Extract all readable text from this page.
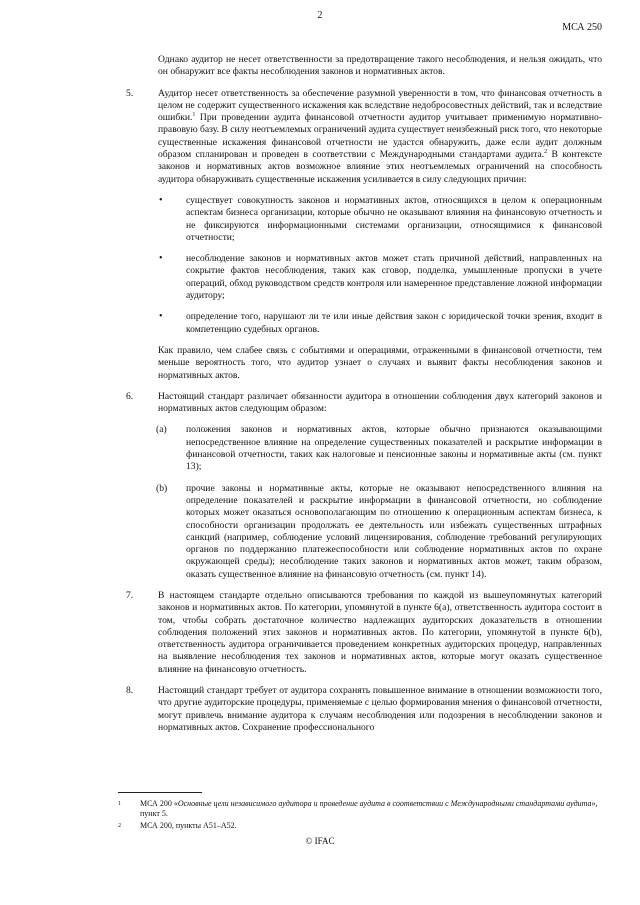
2
МСА 250

Однако аудитор не несет ответственности за предотвращение такого несоблюдения, и нельзя ожидать, что он обнаружит все факты несоблюдения законов и нормативных актов.

5.	Аудитор несет ответственность за обеспечение разумной уверенности в том, что финансовая отчетность в целом не содержит существенного искажения как вследствие недобросовестных действий, так и вследствие ошибки.$^1$ При проведении аудита финансовой отчетности аудитор учитывает применимую нормативно-правовую базу. В силу неотъемлемых ограничений аудита существует неизбежный риск того, что некоторые существенные искажения финансовой отчетности не удастся обнаружить, даже если аудит должным образом спланирован и проведен в соответствии с Международными стандартами аудита.$^2$ В контексте законов и нормативных актов возможное влияние этих неотъемлемых ограничений на способность аудитора обнаруживать существенные искажения усиливается в силу следующих причин:
• существует совокупность законов и нормативных актов, относящихся в целом к операционным аспектам бизнеса организации, которые обычно не оказывают влияния на финансовую отчетность и не фиксируются информационными системами организации, относящимися к финансовой отчетности;
• несоблюдение законов и нормативных актов может стать причиной действий, направленных на сокрытие фактов несоблюдения, таких как сговор, подделка, умышленные пропуски в учете операций, обход руководством средств контроля или намеренное представление ложной информации аудитору;
• определение того, нарушают ли те или иные действия закон с юридической точки зрения, входит в компетенцию судебных органов.

Как правило, чем слабее связь с событиями и операциями, отраженными в финансовой отчетности, тем меньше вероятность того, что аудитор узнает о случаях и выявит факты несоблюдения законов и нормативных актов.

6.	Настоящий стандарт различает обязанности аудитора в отношении соблюдения двух категорий законов и нормативных актов следующим образом:
(a) положения законов и нормативных актов, которые обычно признаются оказывающими непосредственное влияние на определение существенных показателей и раскрытие информации в финансовой отчетности, таких как налоговые и пенсионные законы и нормативные акты (см. пункт 13);
(b) прочие законы и нормативные акты, которые не оказывают непосредственного влияния на определение показателей и раскрытие информации в финансовой отчетности, но соблюдение которых может оказаться основополагающим по отношению к операционным аспектам бизнеса, к способности организации продолжать ее деятельность или избежать существенных штрафных санкций (например, соблюдение условий лицензирования, соблюдение требований регулирующих органов по поддержанию платежеспособности или соблюдение нормативных актов по охране окружающей среды); несоблюдение таких законов и нормативных актов может, таким образом, оказать существенное влияние на финансовую отчетность (см. пункт 14).
7.	В настоящем стандарте отдельно описываются требования по каждой из вышеупомянутых категорий законов и нормативных актов. По категории, упомянутой в пункте 6(a), ответственность аудитора состоит в том, чтобы собрать достаточное количество надлежащих аудиторских доказательств в отношении соблюдения положений этих законов и нормативных актов. По категории, упомянутой в пункте 6(b), ответственность аудитора ограничивается проведением конкретных аудиторских процедур, направленных на выявление несоблюдения тех законов и нормативных актов, которые могут оказать существенное влияние на финансовую отчетность.
8.	Настоящий стандарт требует от аудитора сохранять повышенное внимание в отношении возможности того, что другие аудиторские процедуры, применяемые с целью формирования мнения о финансовой отчетности, могут привлечь внимание аудитора к случаям несоблюдения или подозрения в несоблюдении законов и нормативных актов. Сохранение профессионального
1 МСА 200 «Основные цели независимого аудитора и проведение аудита в соответствии с Международными стандартами аудита», пункт 5.
2 МСА 200, пункты A51–A52.
© IFAC
